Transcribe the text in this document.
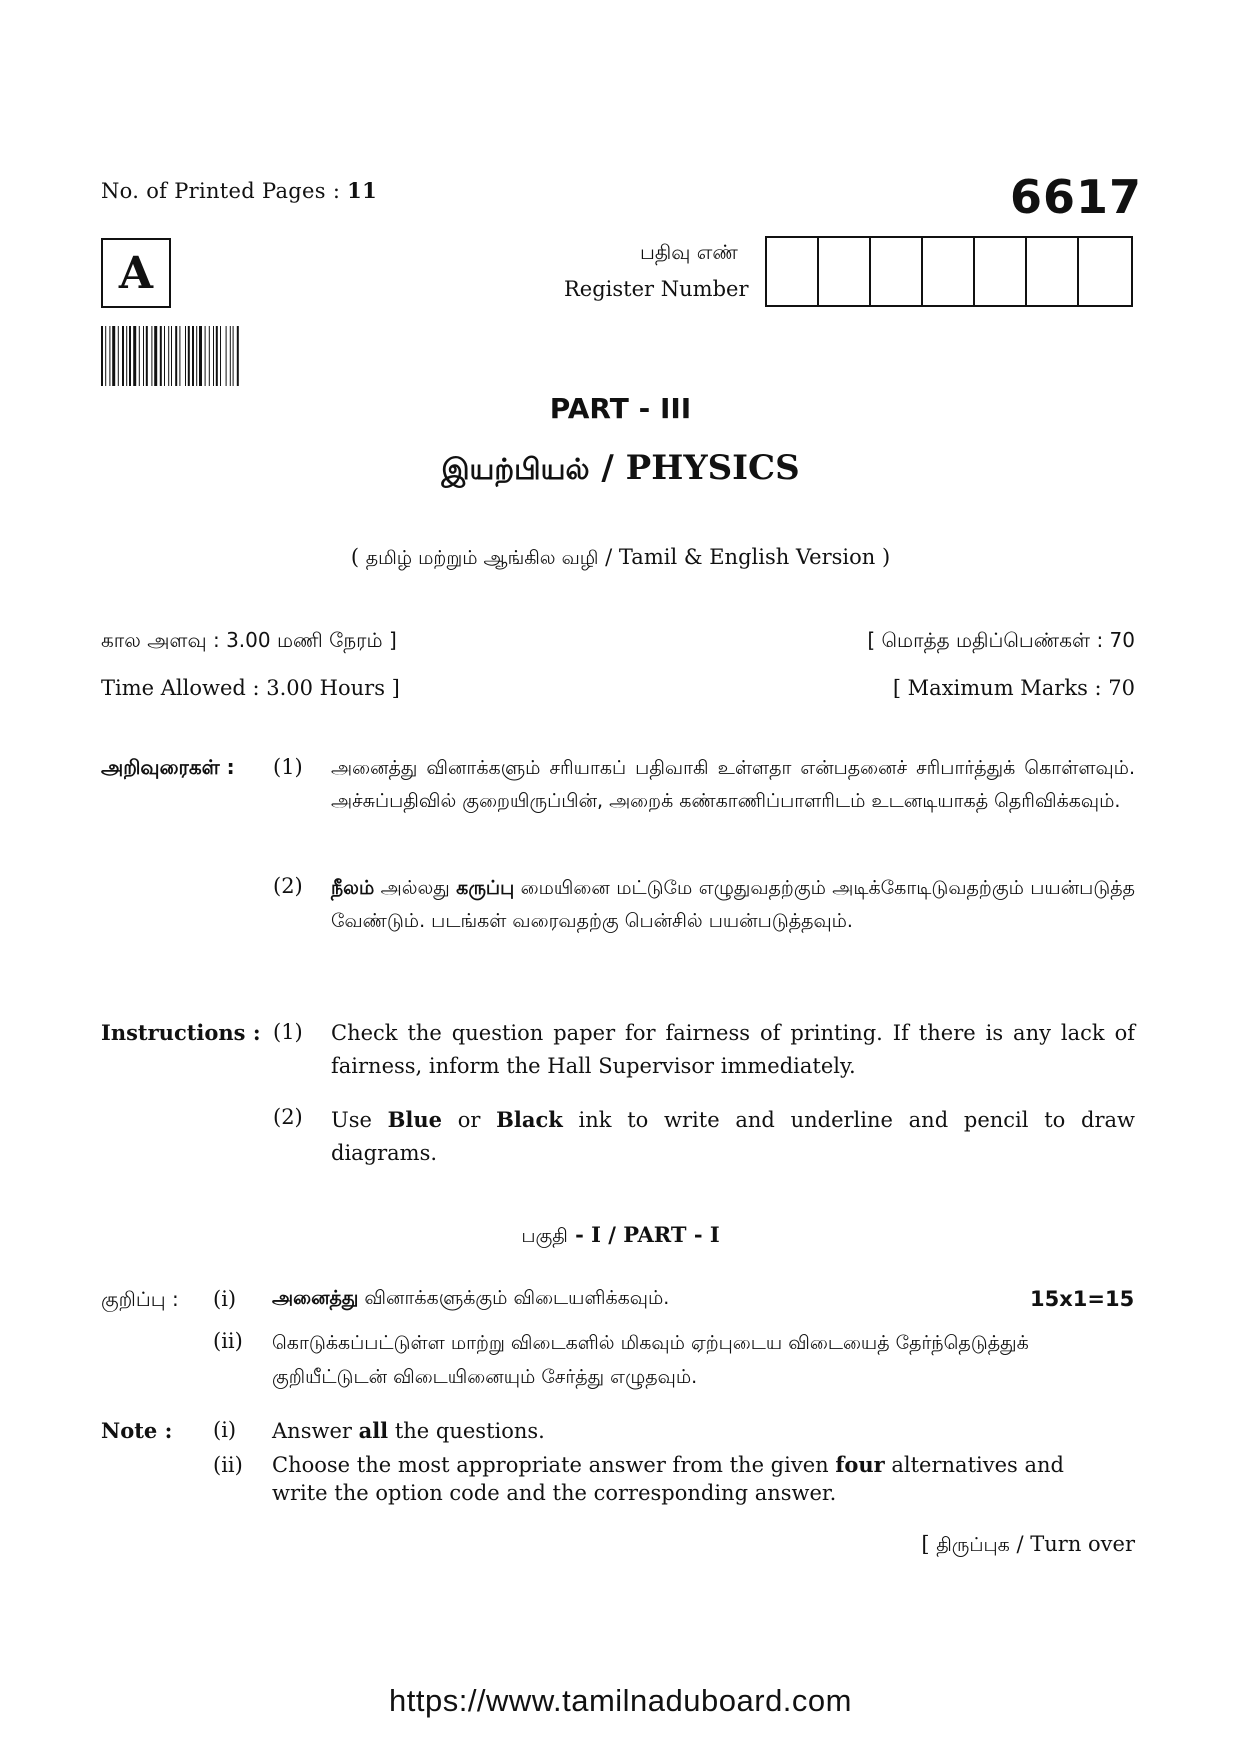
No. of Printed Pages : 11	6617
A	பதிவு எண்
Register Number
PART - III
இயற்பியல் / PHYSICS
( தமிழ் மற்றும் ஆங்கில வழி / Tamil & English Version )
கால அளவு : 3.00 மணி நேரம் ]	[ மொத்த மதிப்பெண்கள் : 70
Time Allowed : 3.00 Hours ]	[ Maximum Marks : 70
அறிவுரைகள் : (1) அனைத்து வினாக்களும் சரியாகப் பதிவாகி உள்ளதா என்பதனைச் சரிபார்த்துக் கொள்ளவும். அச்சுப்பதிவில் குறையிருப்பின், அறைக் கண்காணிப்பாளரிடம் உடனடியாகத் தெரிவிக்கவும்.
(2) நீலம் அல்லது கருப்பு மையினை மட்டுமே எழுதுவதற்கும் அடிக்கோடிடுவதற்கும் பயன்படுத்த வேண்டும். படங்கள் வரைவதற்கு பென்சில் பயன்படுத்தவும்.
Instructions : (1) Check the question paper for fairness of printing. If there is any lack of fairness, inform the Hall Supervisor immediately.
(2) Use Blue or Black ink to write and underline and pencil to draw diagrams.
பகுதி - I / PART - I
குறிப்பு : (i) அனைத்து வினாக்களுக்கும் விடையளிக்கவும்.	15x1=15
(ii) கொடுக்கப்பட்டுள்ள மாற்று விடைகளில் மிகவும் ஏற்புடைய விடையைத் தேர்ந்தெடுத்துக் குறியீட்டுடன் விடையினையும் சேர்த்து எழுதவும்.
Note : (i) Answer all the questions.
(ii) Choose the most appropriate answer from the given four alternatives and write the option code and the corresponding answer.
[ திருப்புக / Turn over
https://www.tamilnaduboard.com
